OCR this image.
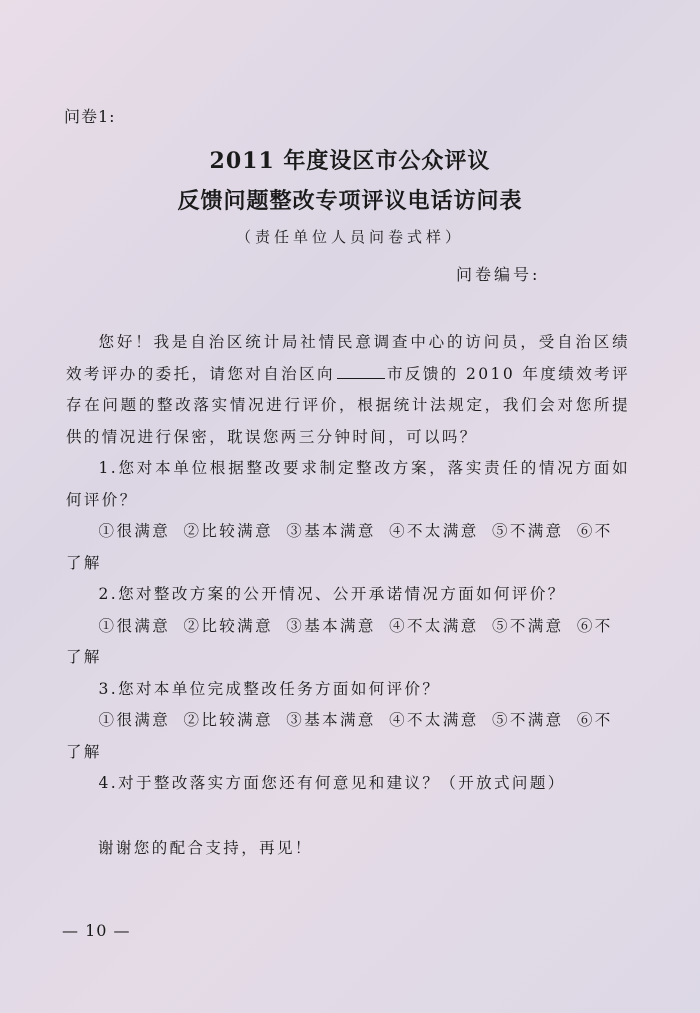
问卷1:
2011 年度设区市公众评议
反馈问题整改专项评议电话访问表
（责任单位人员问卷式样）
问卷编号:

您好！我是自治区统计局社情民意调查中心的访问员，受自治区绩效考评办的委托，请您对自治区向	市反馈的 2010 年度绩效考评存在问题的整改落实情况进行评价，根据统计法规定，我们会对您所提供的情况进行保密，耽误您两三分钟时间，可以吗？

1.您对本单位根据整改要求制定整改方案，落实责任的情况方面如何评价？

①很满意 ②比较满意 ③基本满意 ④不太满意 ⑤不满意 ⑥不了解

2.您对整改方案的公开情况、公开承诺情况方面如何评价？

①很满意 ②比较满意 ③基本满意 ④不太满意 ⑤不满意 ⑥不了解

3.您对本单位完成整改任务方面如何评价？

①很满意 ②比较满意 ③基本满意 ④不太满意 ⑤不满意 ⑥不了解

4.对于整改落实方面您还有何意见和建议？（开放式问题）

谢谢您的配合支持，再见！
— 10 —
